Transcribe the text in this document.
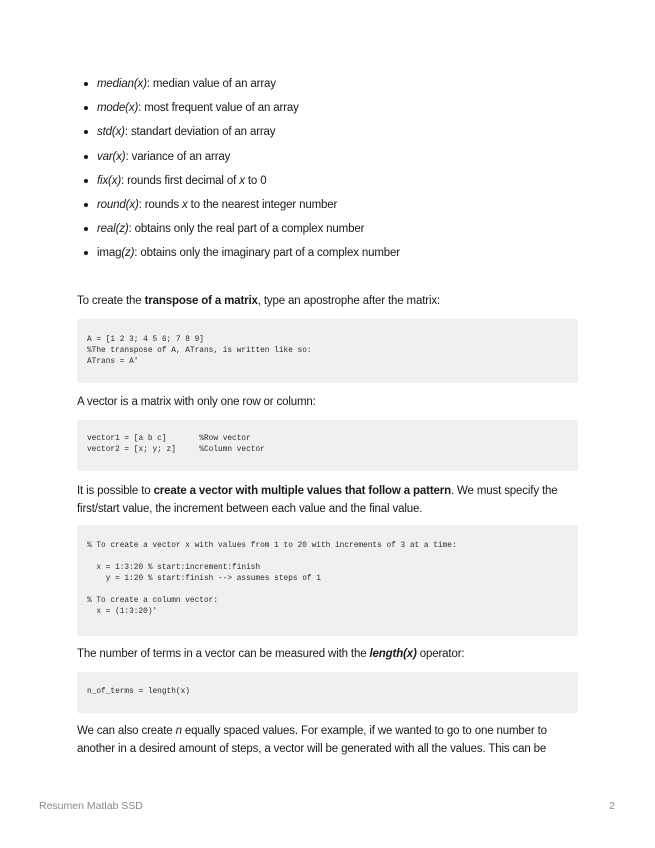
median(x): median value of an array
mode(x): most frequent value of an array
std(x): standart deviation of an array
var(x): variance of an array
fix(x): rounds first decimal of x to 0
round(x): rounds x to the nearest integer number
real(z): obtains only the real part of a complex number
imag(z): obtains only the imaginary part of a complex number

To create the transpose of a matrix, type an apostrophe after the matrix:

A = [1 2 3; 4 5 6; 7 8 9]
%The transpose of A, ATrans, is written like so:
ATrans = A'

A vector is a matrix with only one row or column:

vector1 = [a b c]       %Row vector
vector2 = [x; y; z]     %Column vector

It is possible to create a vector with multiple values that follow a pattern. We must specify the
first/start value, the increment between each value and the final value.

% To create a vector x with values from 1 to 20 with increments of 3 at a time:
x = 1:3:20 % start:increment:finish
y = 1:20 % start:finish --> assumes steps of 1
% To create a column vector:
x = (1:3:20)'

The number of terms in a vector can be measured with the length(x) operator:

n_of_terms = length(x)

We can also create n equally spaced values. For example, if we wanted to go to one number to
another in a desired amount of steps, a vector will be generated with all the values. This can be

Resumen Matlab SSD	2
